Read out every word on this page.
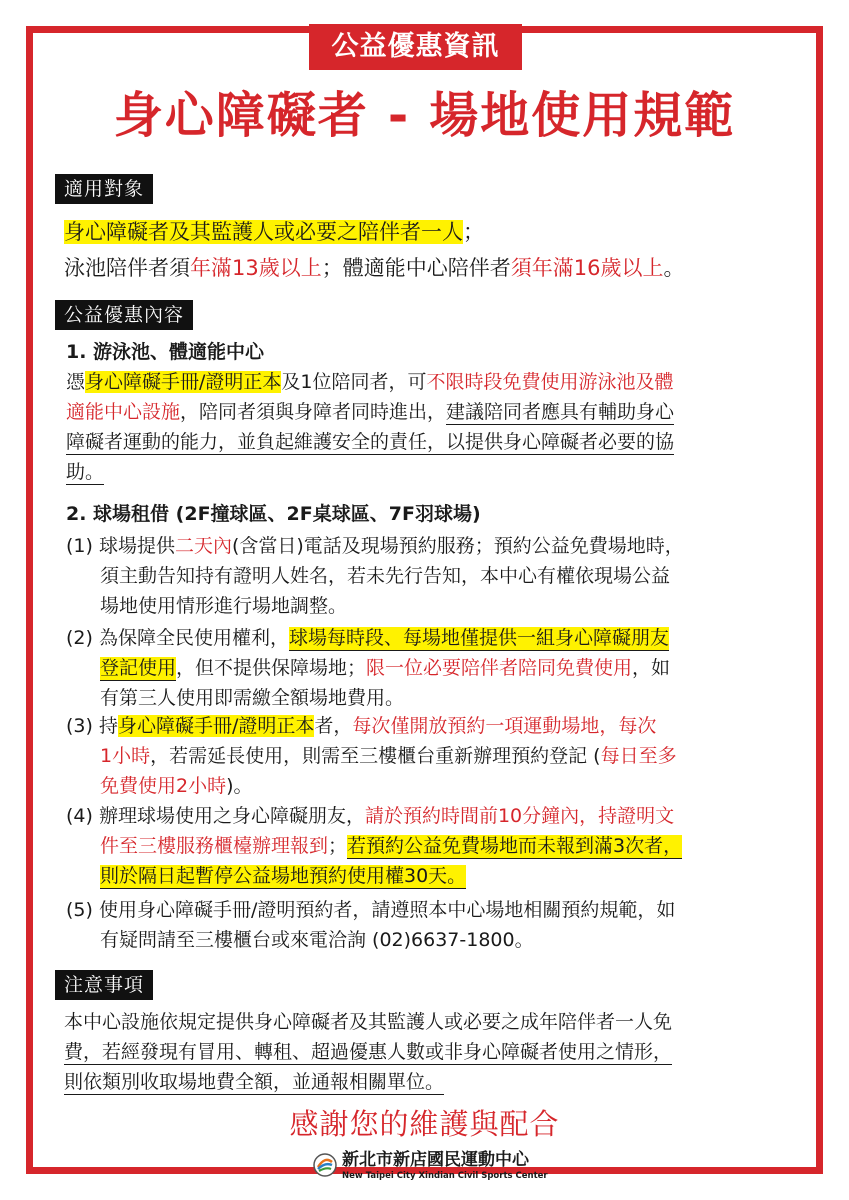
公益優惠資訊
身心障礙者 - 場地使用規範
適用對象
身心障礙者及其監護人或必要之陪伴者一人；
泳池陪伴者須年滿13歲以上；體適能中心陪伴者須年滿16歲以上。
公益優惠內容
1. 游泳池、體適能中心
憑身心障礙手冊/證明正本及1位陪同者，可不限時段免費使用游泳池及體
適能中心設施，陪同者須與身障者同時進出，建議陪同者應具有輔助身心
障礙者運動的能力，並負起維護安全的責任，以提供身心障礙者必要的協
助。
2. 球場租借 (2F撞球區、2F桌球區、7F羽球場)
(1) 球場提供二天內(含當日)電話及現場預約服務；預約公益免費場地時，
須主動告知持有證明人姓名，若未先行告知，本中心有權依現場公益
場地使用情形進行場地調整。
(2) 為保障全民使用權利，球場每時段、每場地僅提供一組身心障礙朋友
登記使用，但不提供保障場地；限一位必要陪伴者陪同免費使用，如
有第三人使用即需繳全額場地費用。
(3) 持身心障礙手冊/證明正本者，每次僅開放預約一項運動場地，每次
1小時，若需延長使用，則需至三樓櫃台重新辦理預約登記 (每日至多
免費使用2小時)。
(4) 辦理球場使用之身心障礙朋友，請於預約時間前10分鐘內，持證明文
件至三樓服務櫃檯辦理報到；若預約公益免費場地而未報到滿3次者，
則於隔日起暫停公益場地預約使用權30天。
(5) 使用身心障礙手冊/證明預約者，請遵照本中心場地相關預約規範，如
有疑問請至三樓櫃台或來電洽詢 (02)6637-1800。
注意事項
本中心設施依規定提供身心障礙者及其監護人或必要之成年陪伴者一人免
費，若經發現有冒用、轉租、超過優惠人數或非身心障礙者使用之情形，
則依類別收取場地費全額，並通報相關單位。
感謝您的維護與配合
新北市新店國民運動中心
New Taipei City Xindian Civil Sports Center
